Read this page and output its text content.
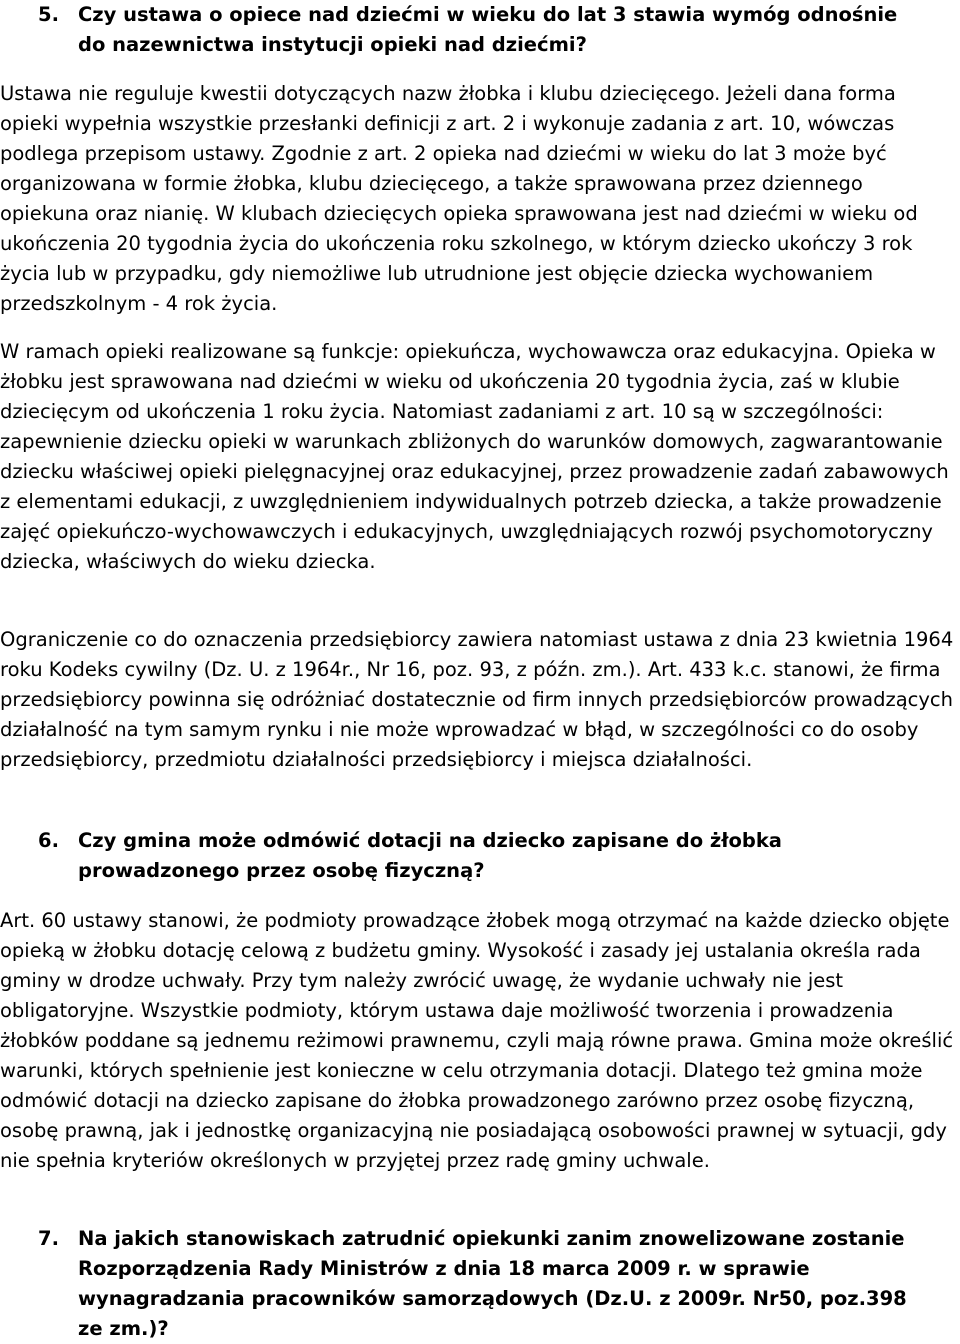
5. Czy ustawa o opiece nad dziećmi w wieku do lat 3 stawia wymóg odnośnie do nazewnictwa instytucji opieki nad dziećmi?

Ustawa nie reguluje kwestii dotyczących nazw żłobka i klubu dziecięcego. Jeżeli dana forma opieki wypełnia wszystkie przesłanki definicji z art. 2 i wykonuje zadania z art. 10, wówczas podlega przepisom ustawy. Zgodnie z art. 2 opieka nad dziećmi w wieku do lat 3 może być organizowana w formie żłobka, klubu dziecięcego, a także sprawowana przez dziennego opiekuna oraz nianię. W klubach dziecięcych opieka sprawowana jest nad dziećmi w wieku od ukończenia 20 tygodnia życia do ukończenia roku szkolnego, w którym dziecko ukończy 3 rok życia lub w przypadku, gdy niemożliwe lub utrudnione jest objęcie dziecka wychowaniem przedszkolnym - 4 rok życia.

W ramach opieki realizowane są funkcje: opiekuńcza, wychowawcza oraz edukacyjna. Opieka w żłobku jest sprawowana nad dziećmi w wieku od ukończenia 20 tygodnia życia, zaś w klubie dziecięcym od ukończenia 1 roku życia. Natomiast zadaniami z art. 10 są w szczególności: zapewnienie dziecku opieki w warunkach zbliżonych do warunków domowych, zagwarantowanie dziecku właściwej opieki pielęgnacyjnej oraz edukacyjnej, przez prowadzenie zadań zabawowych z elementami edukacji, z uwzględnieniem indywidualnych potrzeb dziecka, a także prowadzenie zajęć opiekuńczo-wychowawczych i edukacyjnych, uwzględniających rozwój psychomotoryczny dziecka, właściwych do wieku dziecka.

Ograniczenie co do oznaczenia przedsiębiorcy zawiera natomiast ustawa z dnia 23 kwietnia 1964 roku Kodeks cywilny (Dz. U. z 1964r., Nr 16, poz. 93, z późn. zm.). Art. 433 k.c. stanowi, że firma przedsiębiorcy powinna się odróżniać dostatecznie od firm innych przedsiębiorców prowadzących działalność na tym samym rynku i nie może wprowadzać w błąd, w szczególności co do osoby przedsiębiorcy, przedmiotu działalności przedsiębiorcy i miejsca działalności.

6. Czy gmina może odmówić dotacji na dziecko zapisane do żłobka prowadzonego przez osobę fizyczną?

Art. 60 ustawy stanowi, że podmioty prowadzące żłobek mogą otrzymać na każde dziecko objęte opieką w żłobku dotację celową z budżetu gminy. Wysokość i zasady jej ustalania określa rada gminy w drodze uchwały. Przy tym należy zwrócić uwagę, że wydanie uchwały nie jest obligatoryjne. Wszystkie podmioty, którym ustawa daje możliwość tworzenia i prowadzenia żłobków poddane są jednemu reżimowi prawnemu, czyli mają równe prawa. Gmina może określić warunki, których spełnienie jest konieczne w celu otrzymania dotacji. Dlatego też gmina może odmówić dotacji na dziecko zapisane do żłobka prowadzonego zarówno przez osobę fizyczną, osobę prawną, jak i jednostkę organizacyjną nie posiadającą osobowości prawnej w sytuacji, gdy nie spełnia kryteriów określonych w przyjętej przez radę gminy uchwale.

7. Na jakich stanowiskach zatrudnić opiekunki zanim znowelizowane zostanie Rozporządzenia Rady Ministrów z dnia 18 marca 2009 r. w sprawie wynagradzania pracowników samorządowych (Dz.U. z 2009r. Nr50, poz.398 ze zm.)?
